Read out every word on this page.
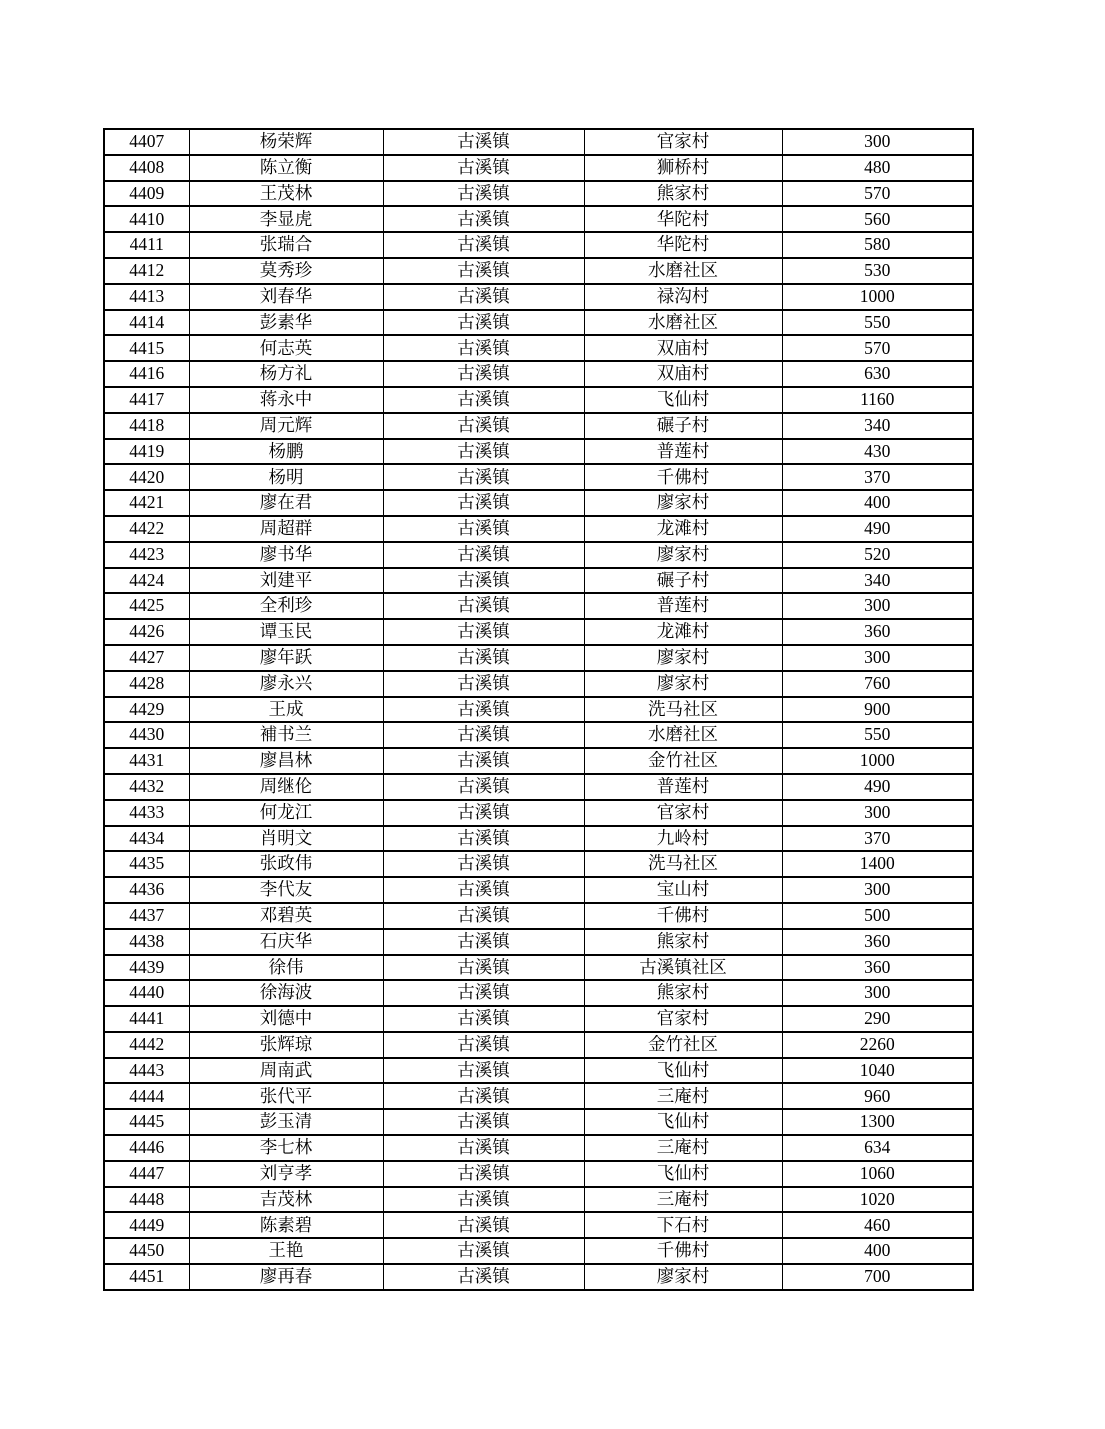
4407	杨荣辉	古溪镇	官家村	300
4408	陈立衡	古溪镇	狮桥村	480
4409	王茂林	古溪镇	熊家村	570
4410	李显虎	古溪镇	华陀村	560
4411	张瑞合	古溪镇	华陀村	580
4412	莫秀珍	古溪镇	水磨社区	530
4413	刘春华	古溪镇	禄沟村	1000
4414	彭素华	古溪镇	水磨社区	550
4415	何志英	古溪镇	双庙村	570
4416	杨方礼	古溪镇	双庙村	630
4417	蒋永中	古溪镇	飞仙村	1160
4418	周元辉	古溪镇	碾子村	340
4419	杨鹏	古溪镇	普莲村	430
4420	杨明	古溪镇	千佛村	370
4421	廖在君	古溪镇	廖家村	400
4422	周超群	古溪镇	龙滩村	490
4423	廖书华	古溪镇	廖家村	520
4424	刘建平	古溪镇	碾子村	340
4425	全利珍	古溪镇	普莲村	300
4426	谭玉民	古溪镇	龙滩村	360
4427	廖年跃	古溪镇	廖家村	300
4428	廖永兴	古溪镇	廖家村	760
4429	王成	古溪镇	洗马社区	900
4430	補书兰	古溪镇	水磨社区	550
4431	廖昌林	古溪镇	金竹社区	1000
4432	周继伦	古溪镇	普莲村	490
4433	何龙江	古溪镇	官家村	300
4434	肖明文	古溪镇	九岭村	370
4435	张政伟	古溪镇	洗马社区	1400
4436	李代友	古溪镇	宝山村	300
4437	邓碧英	古溪镇	千佛村	500
4438	石庆华	古溪镇	熊家村	360
4439	徐伟	古溪镇	古溪镇社区	360
4440	徐海波	古溪镇	熊家村	300
4441	刘德中	古溪镇	官家村	290
4442	张辉琼	古溪镇	金竹社区	2260
4443	周南武	古溪镇	飞仙村	1040
4444	张代平	古溪镇	三庵村	960
4445	彭玉清	古溪镇	飞仙村	1300
4446	李七林	古溪镇	三庵村	634
4447	刘亨孝	古溪镇	飞仙村	1060
4448	吉茂林	古溪镇	三庵村	1020
4449	陈素碧	古溪镇	下石村	460
4450	王艳	古溪镇	千佛村	400
4451	廖再春	古溪镇	廖家村	700
